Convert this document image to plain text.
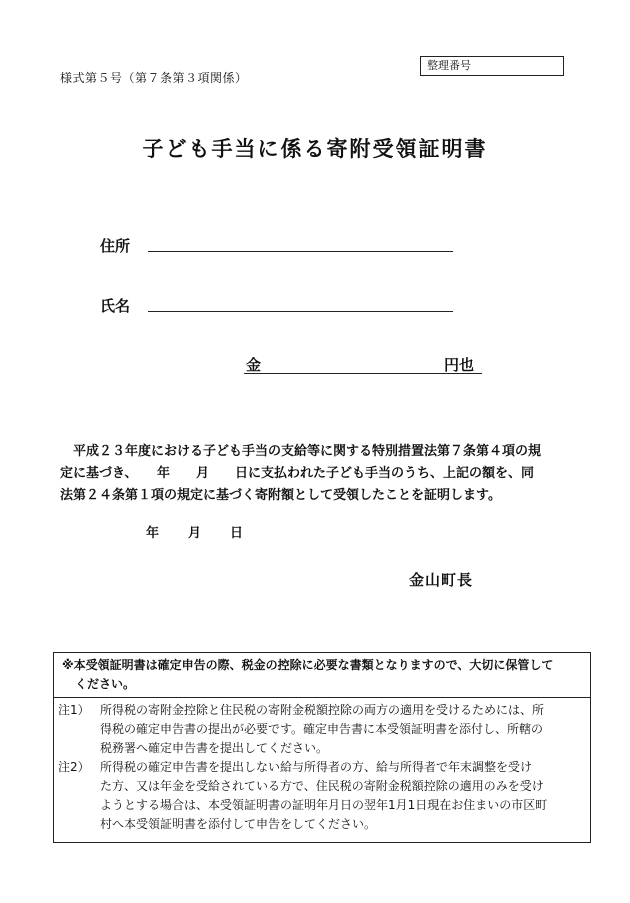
様式第５号（第７条第３項関係）
整理番号
子ども手当に係る寄附受領証明書
住所
氏名
金	円也
　平成２３年度における子ども手当の支給等に関する特別措置法第７条第４項の規
定に基づき、　　年　　月　　日に支払われた子ども手当のうち、上記の額を、同
法第２４条第１項の規定に基づく寄附額として受領したことを証明します。
年　　月　　日
金山町長
※本受領証明書は確定申告の際、税金の控除に必要な書類となりますので、大切に保管して
ください。
注1） 所得税の寄附金控除と住民税の寄附金税額控除の両方の適用を受けるためには、所
得税の確定申告書の提出が必要です。確定申告書に本受領証明書を添付し、所轄の
税務署へ確定申告書を提出してください。
注2） 所得税の確定申告書を提出しない給与所得者の方、給与所得者で年末調整を受け
た方、又は年金を受給されている方で、住民税の寄附金税額控除の適用のみを受け
ようとする場合は、本受領証明書の証明年月日の翌年1月1日現在お住まいの市区町
村へ本受領証明書を添付して申告をしてください。
